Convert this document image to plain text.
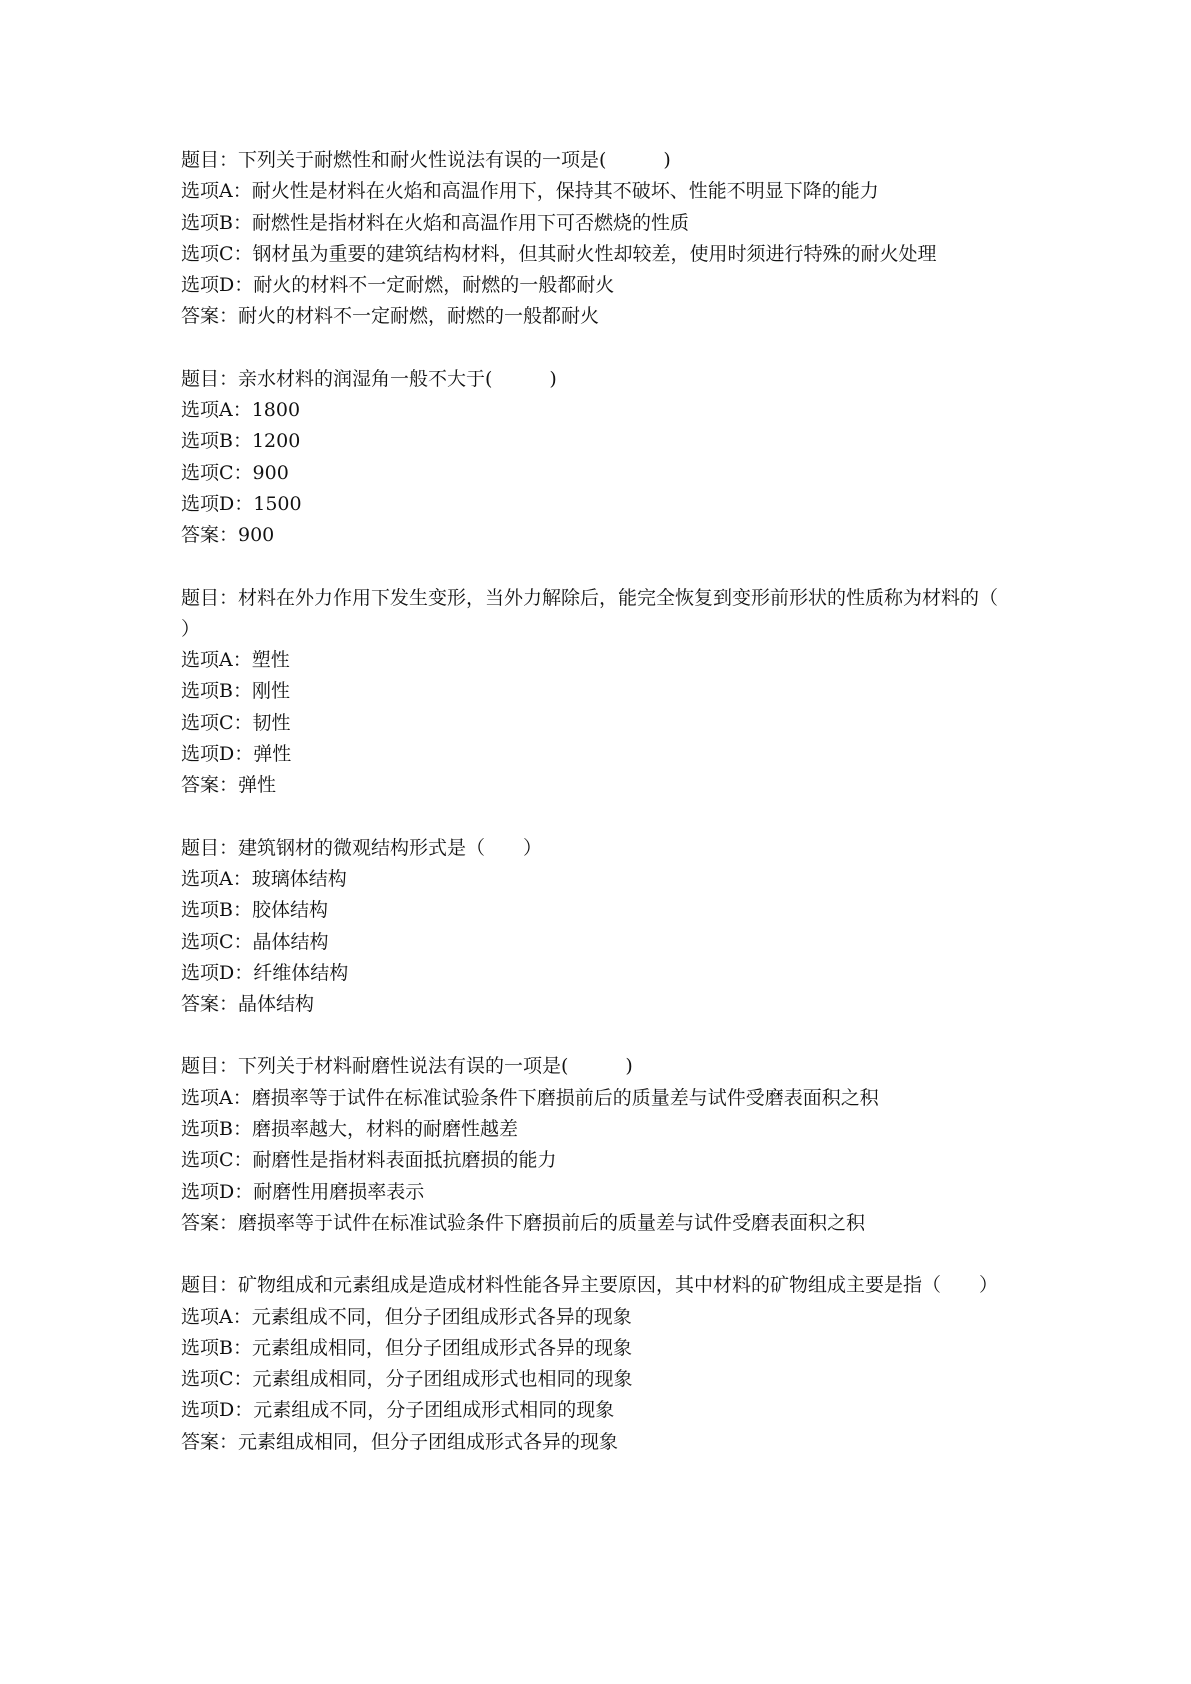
题目：下列关于耐燃性和耐火性说法有误的一项是(　　　)
选项A：耐火性是材料在火焰和高温作用下，保持其不破坏、性能不明显下降的能力
选项B：耐燃性是指材料在火焰和高温作用下可否燃烧的性质
选项C：钢材虽为重要的建筑结构材料，但其耐火性却较差，使用时须进行特殊的耐火处理
选项D：耐火的材料不一定耐燃，耐燃的一般都耐火
答案：耐火的材料不一定耐燃，耐燃的一般都耐火
题目：亲水材料的润湿角一般不大于(　　　)
选项A：1800
选项B：1200
选项C：900
选项D：1500
答案：900
题目：材料在外力作用下发生变形，当外力解除后，能完全恢复到变形前形状的性质称为材料的（　　　）
选项A：塑性
选项B：刚性
选项C：韧性
选项D：弹性
答案：弹性
题目：建筑钢材的微观结构形式是（　　）
选项A：玻璃体结构
选项B：胶体结构
选项C：晶体结构
选项D：纤维体结构
答案：晶体结构
题目：下列关于材料耐磨性说法有误的一项是(　　　)
选项A：磨损率等于试件在标准试验条件下磨损前后的质量差与试件受磨表面积之积
选项B：磨损率越大，材料的耐磨性越差
选项C：耐磨性是指材料表面抵抗磨损的能力
选项D：耐磨性用磨损率表示
答案：磨损率等于试件在标准试验条件下磨损前后的质量差与试件受磨表面积之积
题目：矿物组成和元素组成是造成材料性能各异主要原因，其中材料的矿物组成主要是指（　　）
选项A：元素组成不同，但分子团组成形式各异的现象
选项B：元素组成相同，但分子团组成形式各异的现象
选项C：元素组成相同，分子团组成形式也相同的现象
选项D：元素组成不同，分子团组成形式相同的现象
答案：元素组成相同，但分子团组成形式各异的现象
